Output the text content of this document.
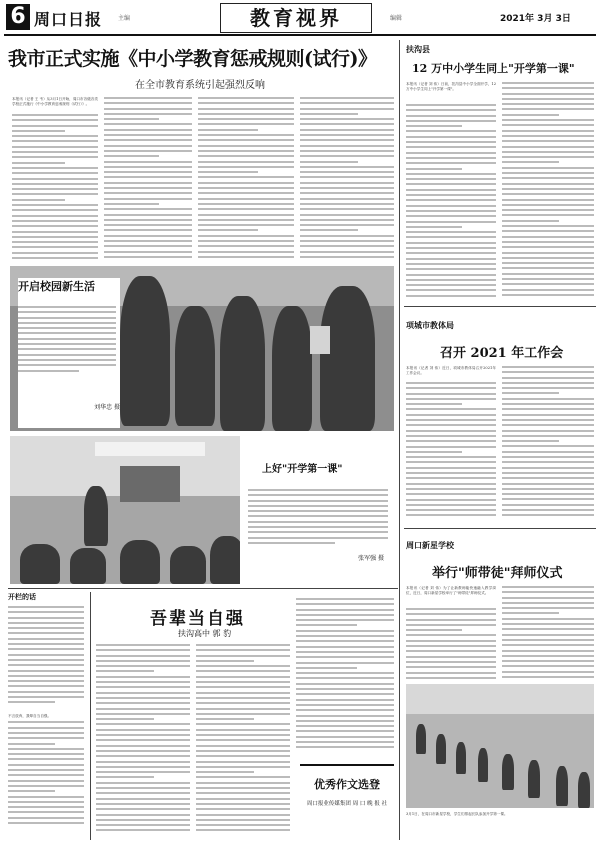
6 周口日报	主编	教育视界	编辑	2021年 3月 3日
我市正式实施《中小学教育惩戒规则(试行)》
在全市教育系统引起强烈反响
本报讯（记者 王 韦）从3月1日开始，周口市各级各类学校正式施行《中小学教育惩戒规则（试行）》。
开启校园新生活
刘华忠 摄
上好"开学第一课"
张军强 摄
开栏的话
不言放弃，我辈自当自强。
吾辈当自强
扶沟高中 郭 豹
优秀作文选登
周口报业传媒集团 周 口 晚 报 社
扶沟县
12 万中小学生同上"开学第一课"
本报讯（记者 刘 伟）日前，扶沟县中小学全面开学，12万中小学生同上"开学第一课"。
项城市教体局
召开 2021 年工作会
本报讯（记者 刘 伟）近日，项城市教体局召开2021年工作会议。
周口新星学校
举行"师带徒"拜师仪式
本报讯（记者 刘 伟）为了让新教师能快速融入教学岗位，近日，周口新星学校举行了"师带徒"拜师仪式。
3月1日，在周口市新星学校，学生们排起长队参加开学第一课。
